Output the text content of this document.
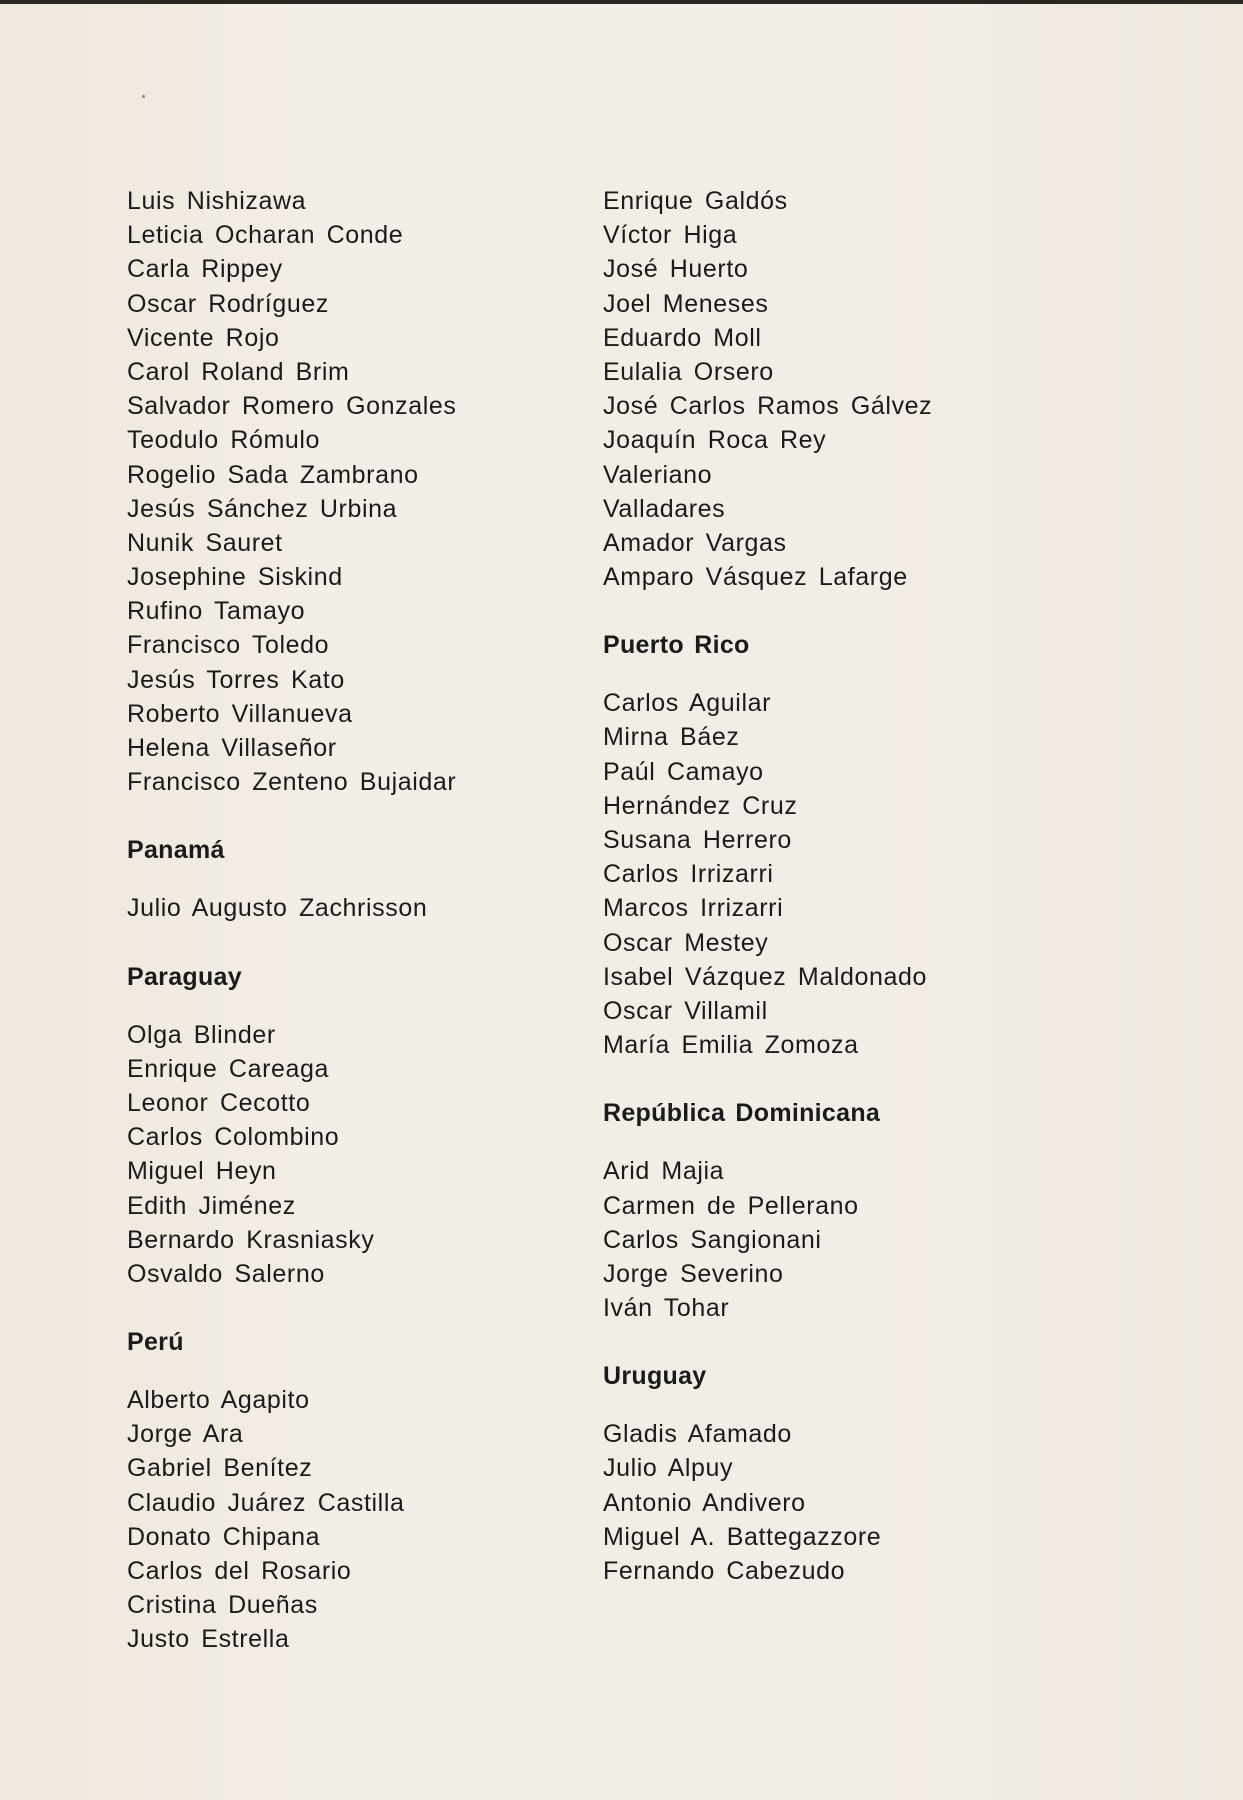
Luis Nishizawa
Leticia Ocharan Conde
Carla Rippey
Oscar Rodríguez
Vicente Rojo
Carol Roland Brim
Salvador Romero Gonzales
Teodulo Rómulo
Rogelio Sada Zambrano
Jesús Sánchez Urbina
Nunik Sauret
Josephine Siskind
Rufino Tamayo
Francisco Toledo
Jesús Torres Kato
Roberto Villanueva
Helena Villaseñor
Francisco Zenteno Bujaidar
Panamá
Julio Augusto Zachrisson
Paraguay
Olga Blinder
Enrique Careaga
Leonor Cecotto
Carlos Colombino
Miguel Heyn
Edith Jiménez
Bernardo Krasniasky
Osvaldo Salerno
Perú
Alberto Agapito
Jorge Ara
Gabriel Benítez
Claudio Juárez Castilla
Donato Chipana
Carlos del Rosario
Cristina Dueñas
Justo Estrella
Enrique Galdós
Víctor Higa
José Huerto
Joel Meneses
Eduardo Moll
Eulalia Orsero
José Carlos Ramos Gálvez
Joaquín Roca Rey
Valeriano
Valladares
Amador Vargas
Amparo Vásquez Lafarge
Puerto Rico
Carlos Aguilar
Mirna Báez
Paúl Camayo
Hernández Cruz
Susana Herrero
Carlos Irrizarri
Marcos Irrizarri
Oscar Mestey
Isabel Vázquez Maldonado
Oscar Villamil
María Emilia Zomoza
República Dominicana
Arid Majia
Carmen de Pellerano
Carlos Sangionani
Jorge Severino
Iván Tohar
Uruguay
Gladis Afamado
Julio Alpuy
Antonio Andivero
Miguel A. Battegazzore
Fernando Cabezudo
